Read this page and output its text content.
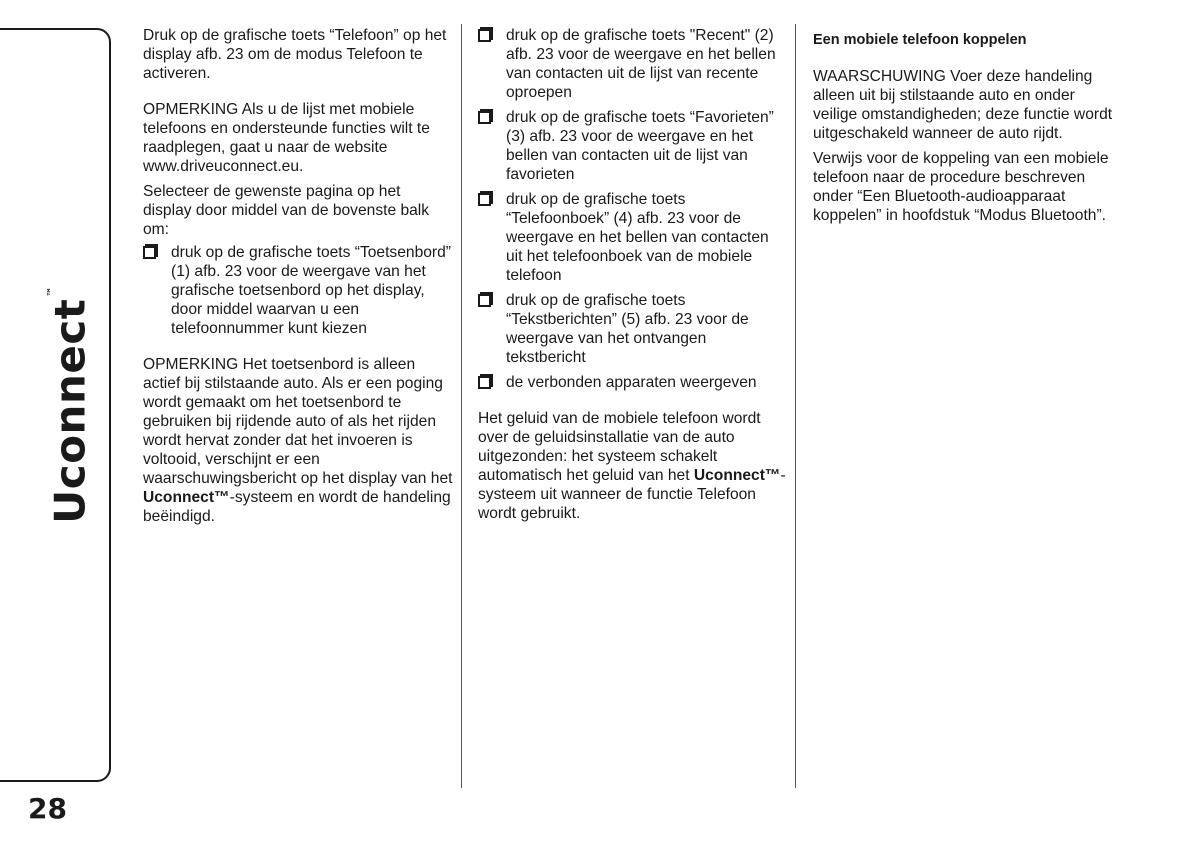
Uconnect™
28

Druk op de grafische toets “Telefoon” op het display afb. 23 om de modus Telefoon te activeren.

OPMERKING Als u de lijst met mobiele telefoons en ondersteunde functies wilt te raadplegen, gaat u naar de website www.driveuconnect.eu.

Selecteer de gewenste pagina op het display door middel van de bovenste balk om:

druk op de grafische toets “Toetsenbord” (1) afb. 23 voor de weergave van het grafische toetsenbord op het display, door middel waarvan u een telefoonnummer kunt kiezen

OPMERKING Het toetsenbord is alleen actief bij stilstaande auto. Als er een poging wordt gemaakt om het toetsenbord te gebruiken bij rijdende auto of als het rijden wordt hervat zonder dat het invoeren is voltooid, verschijnt er een waarschuwingsbericht op het display van het Uconnect™-systeem en wordt de handeling beëindigd.

druk op de grafische toets "Recent" (2) afb. 23 voor de weergave en het bellen van contacten uit de lijst van recente oproepen
druk op de grafische toets “Favorieten” (3) afb. 23 voor de weergave en het bellen van contacten uit de lijst van favorieten
druk op de grafische toets “Telefoonboek” (4) afb. 23 voor de weergave en het bellen van contacten uit het telefoonboek van de mobiele telefoon
druk op de grafische toets “Tekstberichten” (5) afb. 23 voor de weergave van het ontvangen tekstbericht
de verbonden apparaten weergeven

Het geluid van de mobiele telefoon wordt over de geluidsinstallatie van de auto uitgezonden: het systeem schakelt automatisch het geluid van het Uconnect™-systeem uit wanneer de functie Telefoon wordt gebruikt.

Een mobiele telefoon koppelen

WAARSCHUWING Voer deze handeling alleen uit bij stilstaande auto en onder veilige omstandigheden; deze functie wordt uitgeschakeld wanneer de auto rijdt.

Verwijs voor de koppeling van een mobiele telefoon naar de procedure beschreven onder “Een Bluetooth-audioapparaat koppelen” in hoofdstuk “Modus Bluetooth”.
